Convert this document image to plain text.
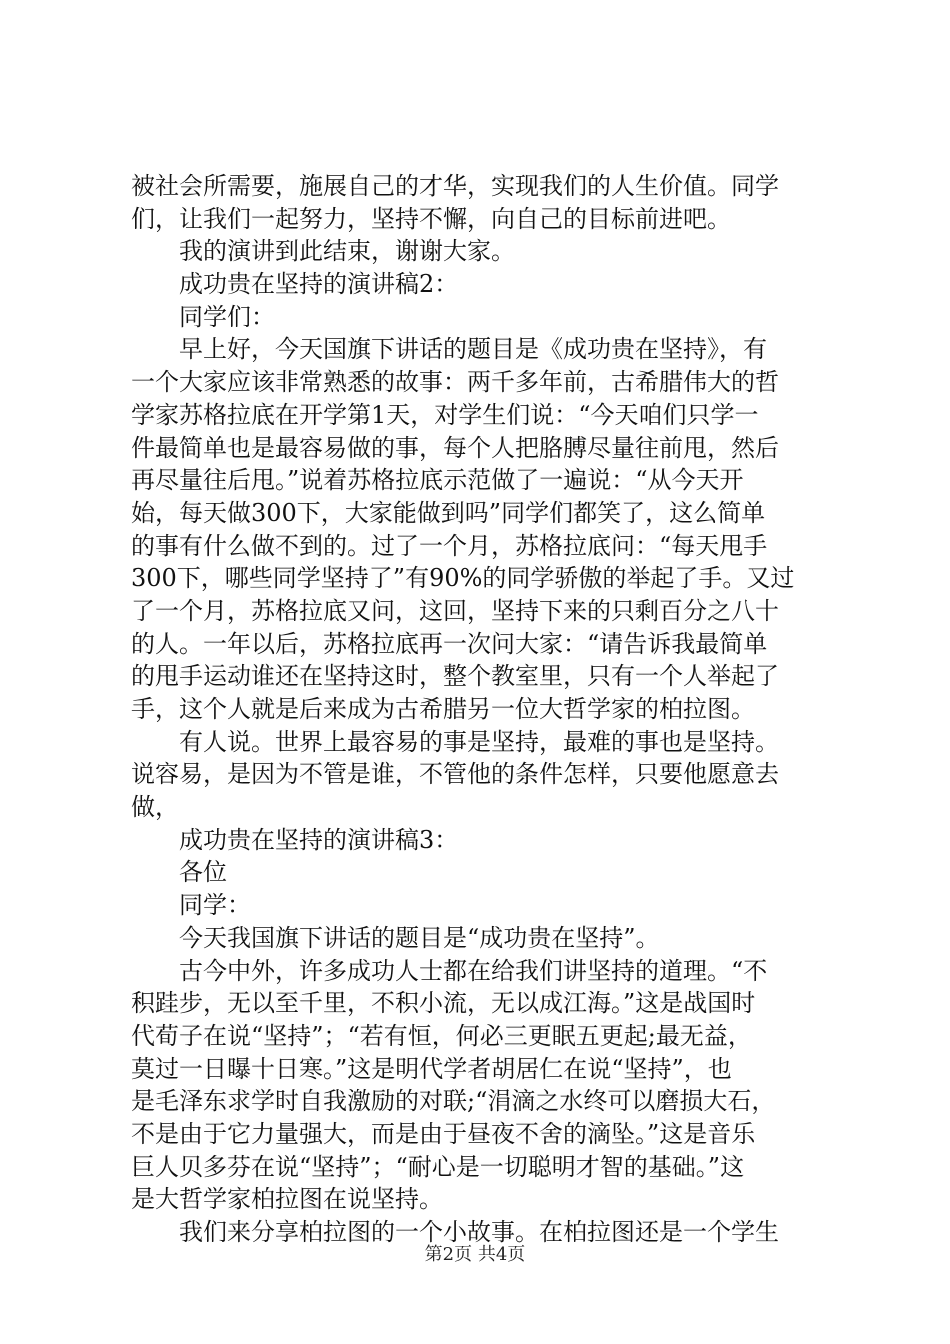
被社会所需要，施展自己的才华，实现我们的人生价值。同学
们，让我们一起努力，坚持不懈，向自己的目标前进吧。
我的演讲到此结束，谢谢大家。
成功贵在坚持的演讲稿2：
同学们：
早上好，今天国旗下讲话的题目是《成功贵在坚持》，有
一个大家应该非常熟悉的故事：两千多年前，古希腊伟大的哲
学家苏格拉底在开学第1天，对学生们说：“今天咱们只学一
件最简单也是最容易做的事，每个人把胳膊尽量往前甩，然后
再尽量往后甩。”说着苏格拉底示范做了一遍说：“从今天开
始，每天做300下，大家能做到吗”同学们都笑了，这么简单
的事有什么做不到的。过了一个月，苏格拉底问：“每天甩手
300下，哪些同学坚持了”有90%的同学骄傲的举起了手。又过
了一个月，苏格拉底又问，这回，坚持下来的只剩百分之八十
的人。一年以后，苏格拉底再一次问大家：“请告诉我最简单
的甩手运动谁还在坚持这时，整个教室里，只有一个人举起了
手，这个人就是后来成为古希腊另一位大哲学家的柏拉图。
有人说。世界上最容易的事是坚持，最难的事也是坚持。
说容易，是因为不管是谁，不管他的条件怎样，只要他愿意去
做，
成功贵在坚持的演讲稿3：
各位
同学：
今天我国旗下讲话的题目是“成功贵在坚持”。
古今中外，许多成功人士都在给我们讲坚持的道理。“不
积跬步，无以至千里，不积小流，无以成江海。”这是战国时
代荀子在说“坚持”；“若有恒，何必三更眠五更起;最无益，
莫过一日曝十日寒。”这是明代学者胡居仁在说“坚持”，也
是毛泽东求学时自我激励的对联;“涓滴之水终可以磨损大石，
不是由于它力量强大，而是由于昼夜不舍的滴坠。”这是音乐
巨人贝多芬在说“坚持”；“耐心是一切聪明才智的基础。”这
是大哲学家柏拉图在说坚持。
我们来分享柏拉图的一个小故事。在柏拉图还是一个学生
第2页 共4页
